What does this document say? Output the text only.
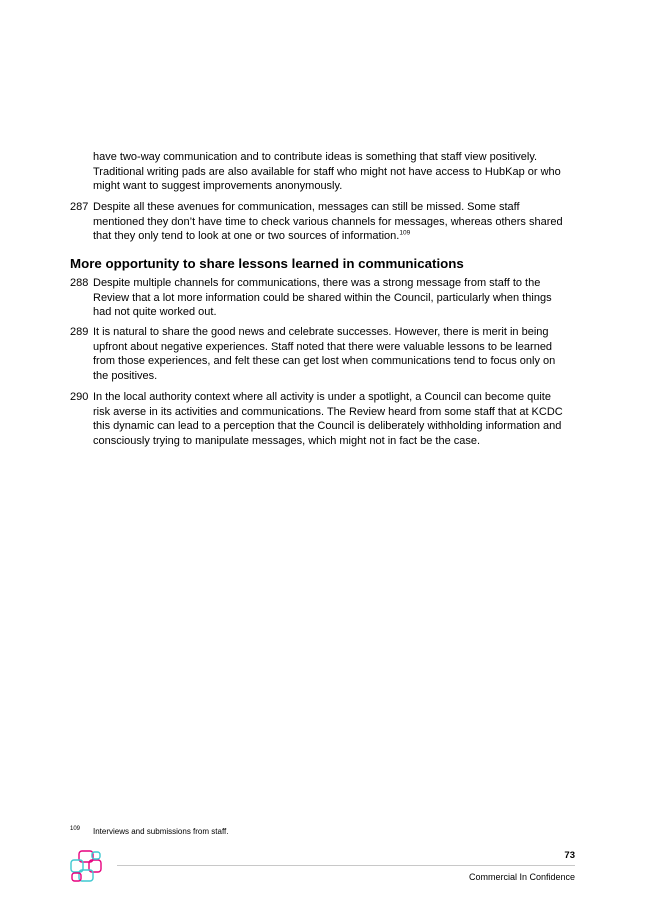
have two-way communication and to contribute ideas is something that staff view positively.
Traditional writing pads are also available for staff who might not have access to HubKap or who
might want to suggest improvements anonymously.
287 Despite all these avenues for communication, messages can still be missed. Some staff
mentioned they don’t have time to check various channels for messages, whereas others shared
that they only tend to look at one or two sources of information.$^{109}$
More opportunity to share lessons learned in communications
288 Despite multiple channels for communications, there was a strong message from staff to the
Review that a lot more information could be shared within the Council, particularly when things
had not quite worked out.
289 It is natural to share the good news and celebrate successes. However, there is merit in being
upfront about negative experiences. Staff noted that there were valuable lessons to be learned
from those experiences, and felt these can get lost when communications tend to focus only on
the positives.
290 In the local authority context where all activity is under a spotlight, a Council can become quite
risk averse in its activities and communications. The Review heard from some staff that at KCDC
this dynamic can lead to a perception that the Council is deliberately withholding information and
consciously trying to manipulate messages, which might not in fact be the case.
109 Interviews and submissions from staff.
73
Commercial In Confidence
